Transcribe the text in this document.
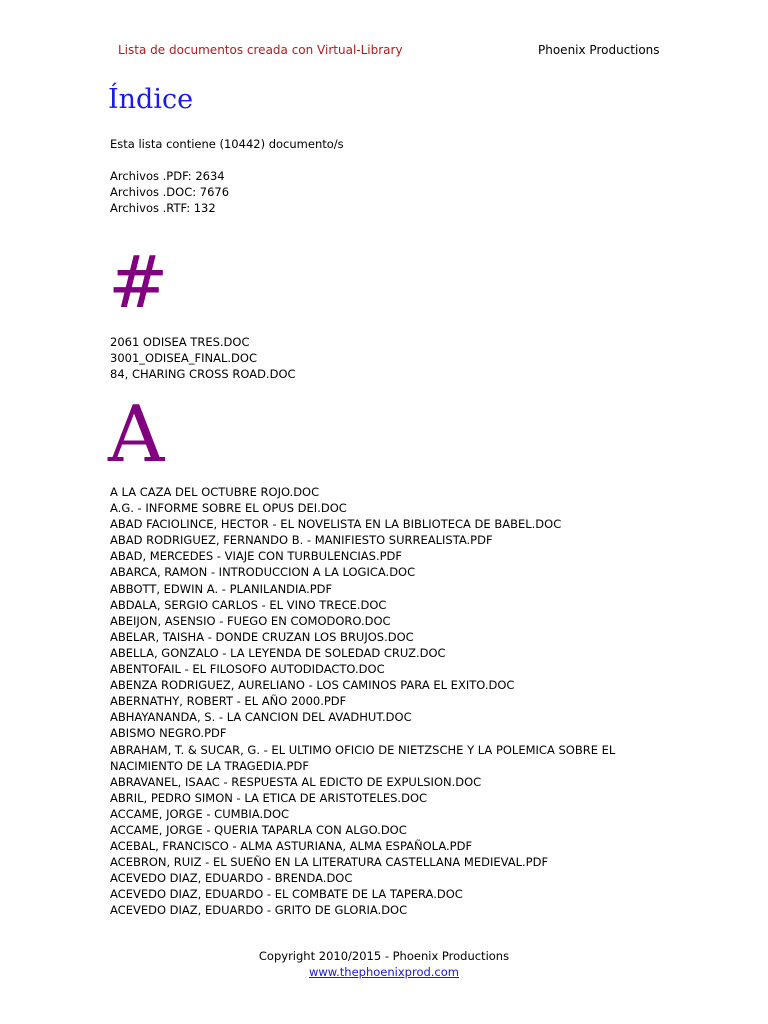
Lista de documentos creada con Virtual-Library	Phoenix Productions
Índice
Esta lista contiene (10442) documento/s
Archivos .PDF: 2634
Archivos .DOC: 7676
Archivos .RTF: 132
#
2061 ODISEA TRES.DOC
3001_ODISEA_FINAL.DOC
84, CHARING CROSS ROAD.DOC
A
A LA CAZA DEL OCTUBRE ROJO.DOC
A.G. - INFORME SOBRE EL OPUS DEI.DOC
ABAD FACIOLINCE, HECTOR - EL NOVELISTA EN LA BIBLIOTECA DE BABEL.DOC
ABAD RODRIGUEZ, FERNANDO B. - MANIFIESTO SURREALISTA.PDF
ABAD, MERCEDES - VIAJE CON TURBULENCIAS.PDF
ABARCA, RAMON - INTRODUCCION A LA LOGICA.DOC
ABBOTT, EDWIN A. - PLANILANDIA.PDF
ABDALA, SERGIO CARLOS - EL VINO TRECE.DOC
ABEIJON, ASENSIO - FUEGO EN COMODORO.DOC
ABELAR, TAISHA - DONDE CRUZAN LOS BRUJOS.DOC
ABELLA, GONZALO - LA LEYENDA DE SOLEDAD CRUZ.DOC
ABENTOFAIL - EL FILOSOFO AUTODIDACTO.DOC
ABENZA RODRIGUEZ, AURELIANO - LOS CAMINOS PARA EL EXITO.DOC
ABERNATHY, ROBERT - EL AÑO 2000.PDF
ABHAYANANDA, S. - LA CANCION DEL AVADHUT.DOC
ABISMO NEGRO.PDF
ABRAHAM, T. & SUCAR, G. - EL ULTIMO OFICIO DE NIETZSCHE Y LA POLEMICA SOBRE EL
NACIMIENTO DE LA TRAGEDIA.PDF
ABRAVANEL, ISAAC - RESPUESTA AL EDICTO DE EXPULSION.DOC
ABRIL, PEDRO SIMON - LA ETICA DE ARISTOTELES.DOC
ACCAME, JORGE - CUMBIA.DOC
ACCAME, JORGE - QUERIA TAPARLA CON ALGO.DOC
ACEBAL, FRANCISCO - ALMA ASTURIANA, ALMA ESPAÑOLA.PDF
ACEBRON, RUIZ - EL SUEÑO EN LA LITERATURA CASTELLANA MEDIEVAL.PDF
ACEVEDO DIAZ, EDUARDO - BRENDA.DOC
ACEVEDO DIAZ, EDUARDO - EL COMBATE DE LA TAPERA.DOC
ACEVEDO DIAZ, EDUARDO - GRITO DE GLORIA.DOC
Copyright 2010/2015 - Phoenix Productions
www.thephoenixprod.com
